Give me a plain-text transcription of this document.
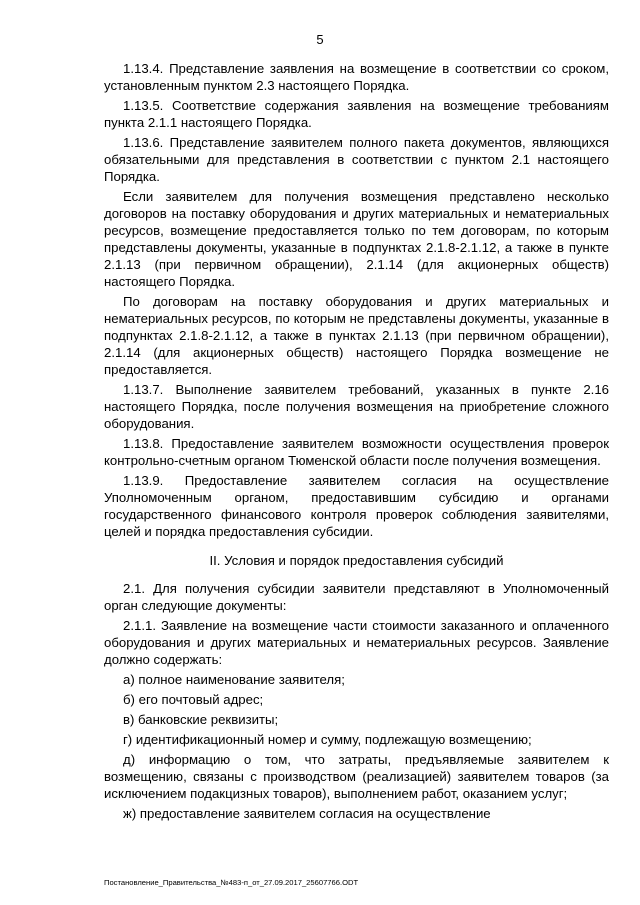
5

1.13.4. Представление заявления на возмещение в соответствии со сроком, установленным пунктом 2.3 настоящего Порядка.

1.13.5. Соответствие содержания заявления на возмещение требованиям пункта 2.1.1 настоящего Порядка.

1.13.6. Представление заявителем полного пакета документов, являющихся обязательными для представления в соответствии с пунктом 2.1 настоящего Порядка.

Если заявителем для получения возмещения представлено несколько договоров на поставку оборудования и других материальных и нематериальных ресурсов, возмещение предоставляется только по тем договорам, по которым представлены документы, указанные в подпунктах 2.1.8-2.1.12, а также в пункте 2.1.13 (при первичном обращении), 2.1.14 (для акционерных обществ) настоящего Порядка.

По договорам на поставку оборудования и других материальных и нематериальных ресурсов, по которым не представлены документы, указанные в подпунктах 2.1.8-2.1.12, а также в пунктах 2.1.13 (при первичном обращении), 2.1.14 (для акционерных обществ) настоящего Порядка возмещение не предоставляется.

1.13.7. Выполнение заявителем требований, указанных в пункте 2.16 настоящего Порядка, после получения возмещения на приобретение сложного оборудования.

1.13.8. Предоставление заявителем возможности осуществления проверок контрольно-счетным органом Тюменской области после получения возмещения.

1.13.9. Предоставление заявителем согласия на осуществление Уполномоченным органом, предоставившим субсидию и органами государственного финансового контроля проверок соблюдения заявителями, целей и порядка предоставления субсидии.

II. Условия и порядок предоставления субсидий

2.1. Для получения субсидии заявители представляют в Уполномоченный орган следующие документы:

2.1.1. Заявление на возмещение части стоимости заказанного и оплаченного оборудования и других материальных и нематериальных ресурсов. Заявление должно содержать:

а) полное наименование заявителя;

б) его почтовый адрес;

в) банковские реквизиты;

г) идентификационный номер и сумму, подлежащую возмещению;

д) информацию о том, что затраты, предъявляемые заявителем к возмещению, связаны с производством (реализацией) заявителем товаров (за исключением подакцизных товаров), выполнением работ, оказанием услуг;

ж) предоставление заявителем согласия на осуществление

Постановление_Правительства_№483-п_от_27.09.2017_25607766.ODT
